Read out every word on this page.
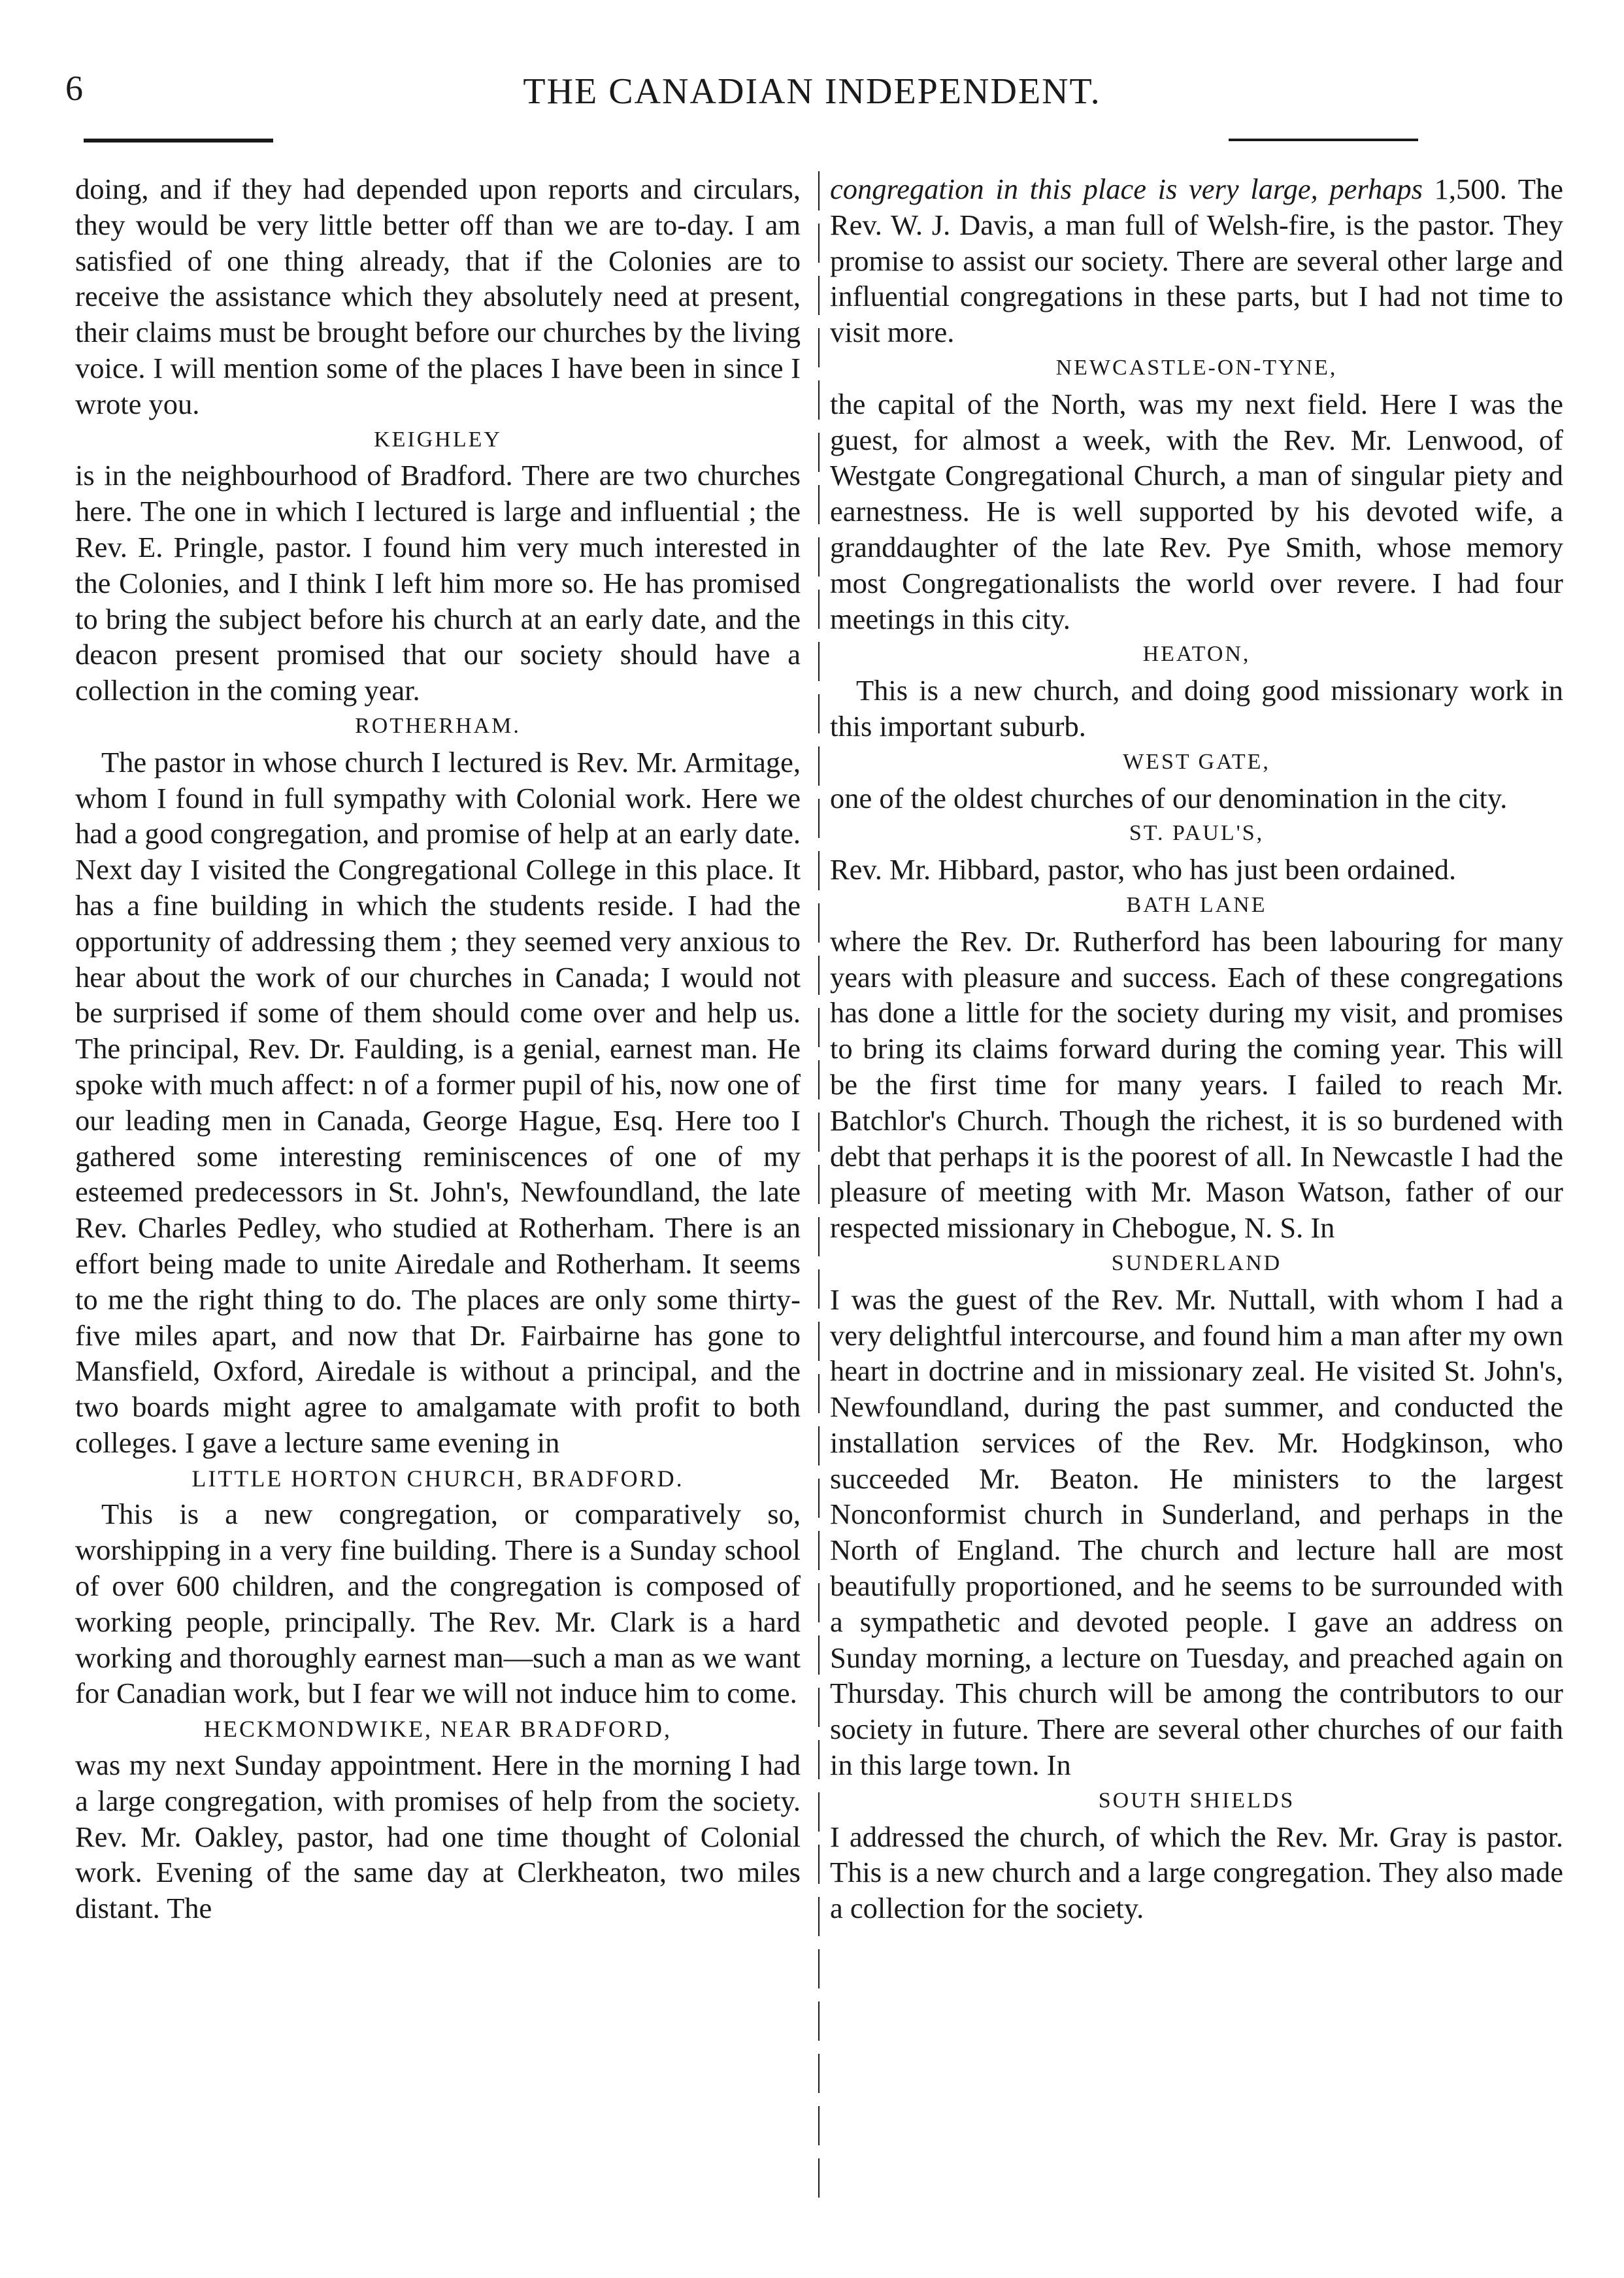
6	THE CANADIAN INDEPENDENT.

doing, and if they had depended upon reports and circulars, they would be very little better off than we are to-day. I am satisfied of one thing already, that if the Colonies are to receive the assistance which they absolutely need at present, their claims must be brought before our churches by the living voice. I will mention some of the places I have been in since I wrote you.

KEIGHLEY

is in the neighbourhood of Bradford. There are two churches here. The one in which I lectured is large and influential ; the Rev. E. Pringle, pastor. I found him very much interested in the Colonies, and I think I left him more so. He has promised to bring the subject before his church at an early date, and the deacon present promised that our society should have a collection in the coming year.

ROTHERHAM.

The pastor in whose church I lectured is Rev. Mr. Armitage, whom I found in full sympathy with Colonial work. Here we had a good congregation, and promise of help at an early date. Next day I visited the Congregational College in this place. It has a fine building in which the students reside. I had the opportunity of addressing them ; they seemed very anxious to hear about the work of our churches in Canada; I would not be surprised if some of them should come over and help us. The principal, Rev. Dr. Faulding, is a genial, earnest man. He spoke with much affect: n of a former pupil of his, now one of our leading men in Canada, George Hague, Esq. Here too I gathered some interesting reminiscences of one of my esteemed predecessors in St. John's, Newfoundland, the late Rev. Charles Pedley, who studied at Rotherham. There is an effort being made to unite Airedale and Rotherham. It seems to me the right thing to do. The places are only some thirty-five miles apart, and now that Dr. Fairbairne has gone to Mansfield, Oxford, Airedale is without a principal, and the two boards might agree to amalgamate with profit to both colleges. I gave a lecture same evening in

LITTLE HORTON CHURCH, BRADFORD.

This is a new congregation, or comparatively so, worshipping in a very fine building. There is a Sunday school of over 600 children, and the congregation is composed of working people, principally. The Rev. Mr. Clark is a hard working and thoroughly earnest man—such a man as we want for Canadian work, but I fear we will not induce him to come.

HECKMONDWIKE, NEAR BRADFORD,

was my next Sunday appointment. Here in the morning I had a large congregation, with promises of help from the society. Rev. Mr. Oakley, pastor, had one time thought of Colonial work. Evening of the same day at Clerkheaton, two miles distant. The

congregation in this place is very large, perhaps 1,500. The Rev. W. J. Davis, a man full of Welsh-fire, is the pastor. They promise to assist our society. There are several other large and influential congregations in these parts, but I had not time to visit more.

NEWCASTLE-ON-TYNE,

the capital of the North, was my next field. Here I was the guest, for almost a week, with the Rev. Mr. Lenwood, of Westgate Congregational Church, a man of singular piety and earnestness. He is well supported by his devoted wife, a granddaughter of the late Rev. Pye Smith, whose memory most Congregationalists the world over revere. I had four meetings in this city.

HEATON,

This is a new church, and doing good missionary work in this important suburb.

WEST GATE,

one of the oldest churches of our denomination in the city.

ST. PAUL'S,

Rev. Mr. Hibbard, pastor, who has just been ordained.

BATH LANE

where the Rev. Dr. Rutherford has been labouring for many years with pleasure and success. Each of these congregations has done a little for the society during my visit, and promises to bring its claims forward during the coming year. This will be the first time for many years. I failed to reach Mr. Batchlor's Church. Though the richest, it is so burdened with debt that perhaps it is the poorest of all. In Newcastle I had the pleasure of meeting with Mr. Mason Watson, father of our respected missionary in Chebogue, N. S. In

SUNDERLAND

I was the guest of the Rev. Mr. Nuttall, with whom I had a very delightful intercourse, and found him a man after my own heart in doctrine and in missionary zeal. He visited St. John's, Newfoundland, during the past summer, and conducted the installation services of the Rev. Mr. Hodgkinson, who succeeded Mr. Beaton. He ministers to the largest Nonconformist church in Sunderland, and perhaps in the North of England. The church and lecture hall are most beautifully proportioned, and he seems to be surrounded with a sympathetic and devoted people. I gave an address on Sunday morning, a lecture on Tuesday, and preached again on Thursday. This church will be among the contributors to our society in future. There are several other churches of our faith in this large town. In

SOUTH SHIELDS

I addressed the church, of which the Rev. Mr. Gray is pastor. This is a new church and a large congregation. They also made a collection for the society.
